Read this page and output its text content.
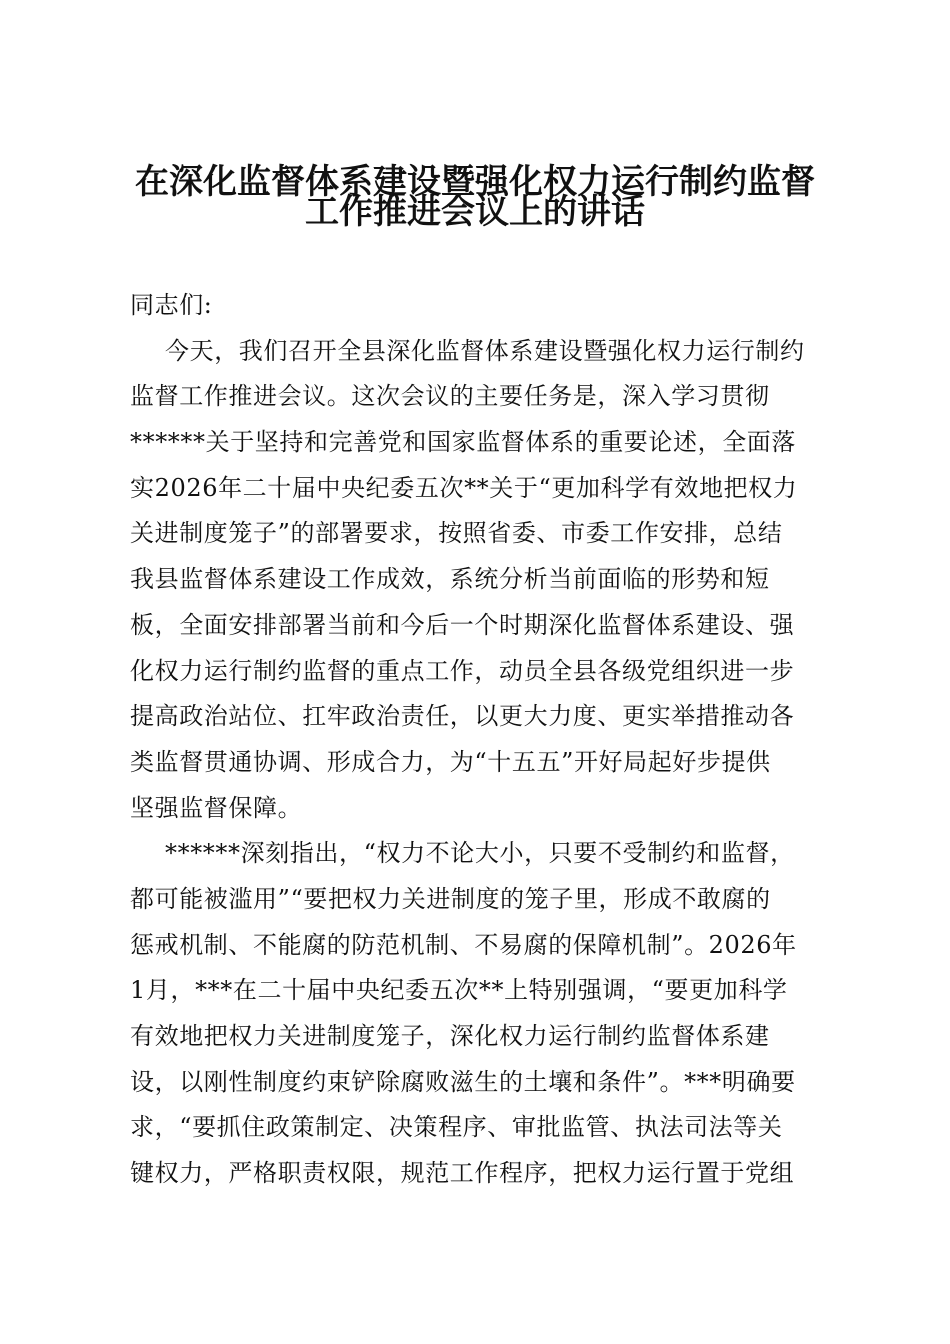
在深化监督体系建设暨强化权力运行制约监督
工作推进会议上的讲话
同志们:
今天，我们召开全县深化监督体系建设暨强化权力运行制约
监督工作推进会议。这次会议的主要任务是，深入学习贯彻
******关于坚持和完善党和国家监督体系的重要论述，全面落
实2026年二十届中央纪委五次**关于“更加科学有效地把权力
关进制度笼子”的部署要求，按照省委、市委工作安排，总结
我县监督体系建设工作成效，系统分析当前面临的形势和短
板，全面安排部署当前和今后一个时期深化监督体系建设、强
化权力运行制约监督的重点工作，动员全县各级党组织进一步
提高政治站位、扛牢政治责任，以更大力度、更实举措推动各
类监督贯通协调、形成合力，为“十五五”开好局起好步提供
坚强监督保障。
******深刻指出，“权力不论大小，只要不受制约和监督，
都可能被滥用”“要把权力关进制度的笼子里，形成不敢腐的
惩戒机制、不能腐的防范机制、不易腐的保障机制”。2026年
1月，***在二十届中央纪委五次**上特别强调，“要更加科学
有效地把权力关进制度笼子，深化权力运行制约监督体系建
设，以刚性制度约束铲除腐败滋生的土壤和条件”。***明确要
求，“要抓住政策制定、决策程序、审批监管、执法司法等关
键权力，严格职责权限，规范工作程序，把权力运行置于党组
